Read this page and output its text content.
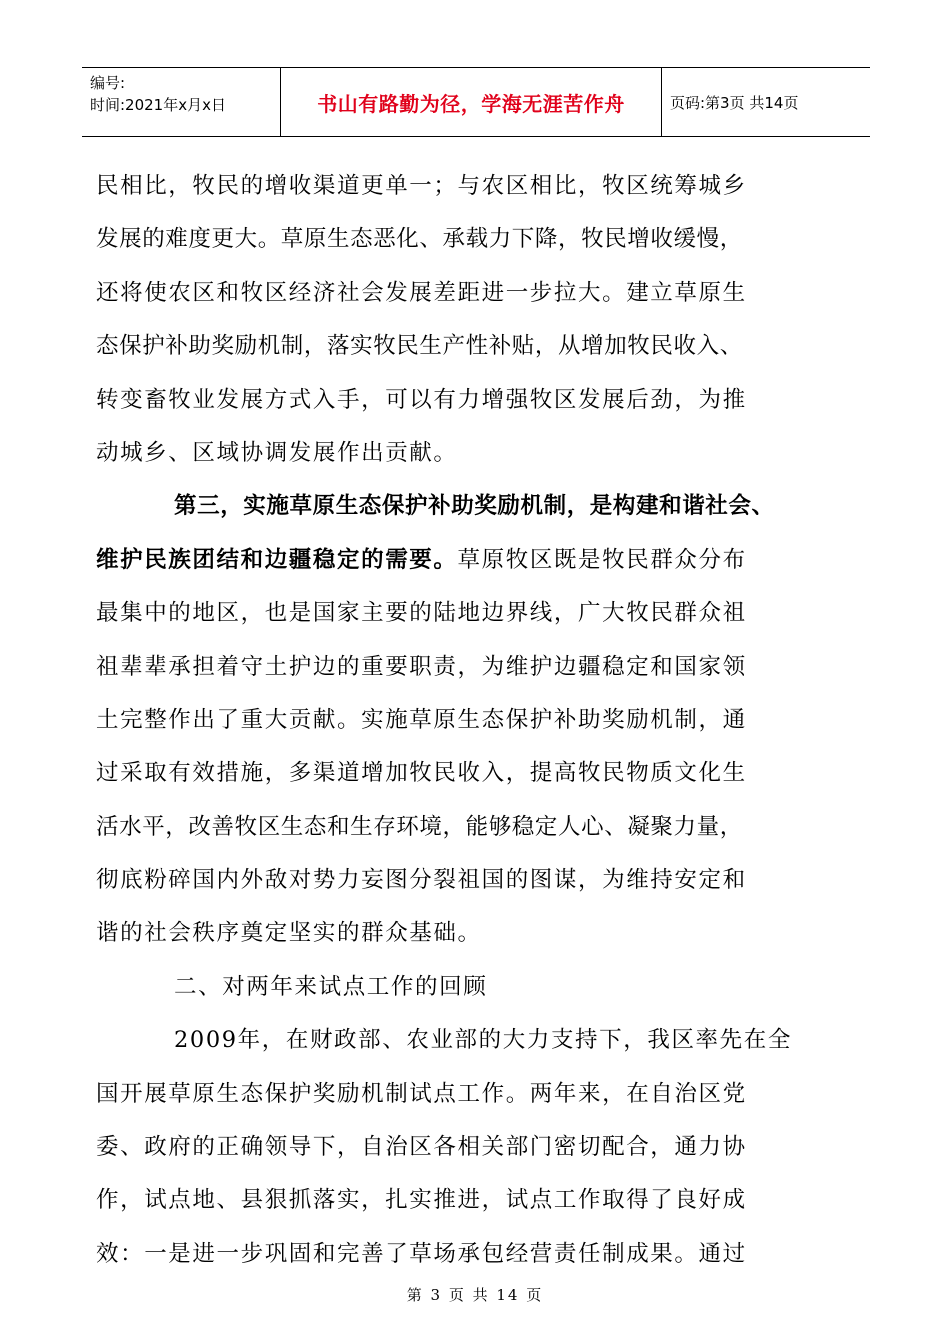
编号:
时间:2021年x月x日	书山有路勤为径，学海无涯苦作舟	页码:第3页 共14页
民相比，牧民的增收渠道更单一；与农区相比，牧区统筹城乡
发展的难度更大。草原生态恶化、承载力下降，牧民增收缓慢，
还将使农区和牧区经济社会发展差距进一步拉大。建立草原生
态保护补助奖励机制，落实牧民生产性补贴，从增加牧民收入、
转变畜牧业发展方式入手，可以有力增强牧区发展后劲，为推
动城乡、区域协调发展作出贡献。
第三，实施草原生态保护补助奖励机制，是构建和谐社会、
维护民族团结和边疆稳定的需要。草原牧区既是牧民群众分布
最集中的地区，也是国家主要的陆地边界线，广大牧民群众祖
祖辈辈承担着守土护边的重要职责，为维护边疆稳定和国家领
土完整作出了重大贡献。实施草原生态保护补助奖励机制，通
过采取有效措施，多渠道增加牧民收入，提高牧民物质文化生
活水平，改善牧区生态和生存环境，能够稳定人心、凝聚力量，
彻底粉碎国内外敌对势力妄图分裂祖国的图谋，为维持安定和
谐的社会秩序奠定坚实的群众基础。
二、对两年来试点工作的回顾
2009年，在财政部、农业部的大力支持下，我区率先在全
国开展草原生态保护奖励机制试点工作。两年来，在自治区党
委、政府的正确领导下，自治区各相关部门密切配合，通力协
作，试点地、县狠抓落实，扎实推进，试点工作取得了良好成
效：一是进一步巩固和完善了草场承包经营责任制成果。通过
第 3 页 共 14 页
